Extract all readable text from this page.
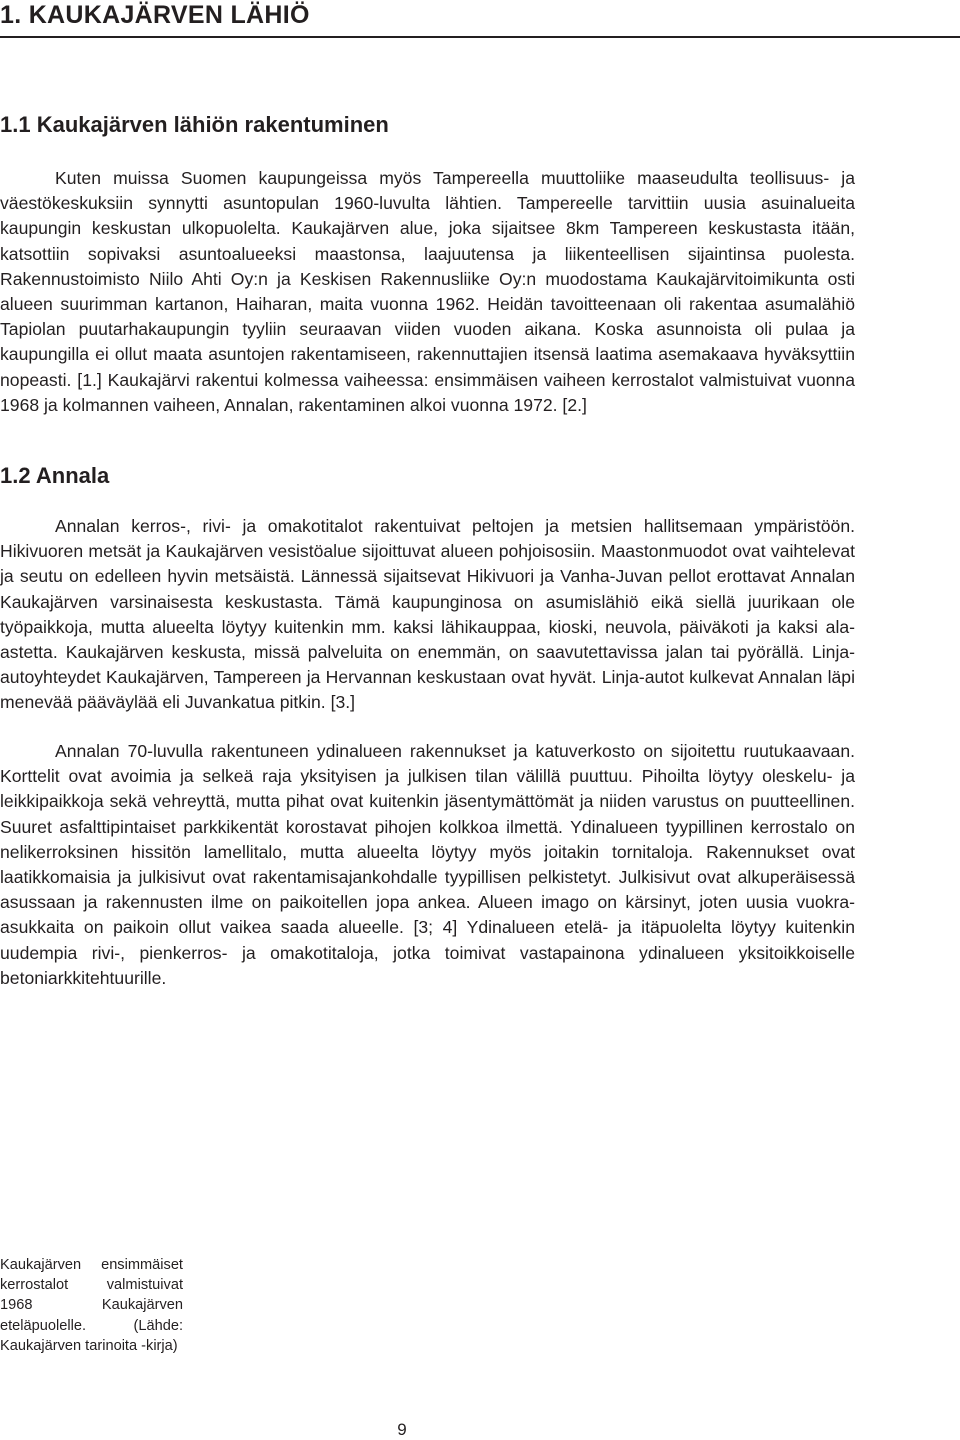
1. KAUKAJÄRVEN LÄHIÖ
1.1 Kaukajärven lähiön rakentuminen

Kuten muissa Suomen kaupungeissa myös Tampereella muuttoliike maaseudulta teollisuus- ja väestökeskuksiin synnytti asuntopulan 1960-luvulta lähtien. Tampereelle tarvittiin uusia asuinalueita kaupungin keskustan ulkopuolelta. Kaukajärven alue, joka sijaitsee 8km Tampereen keskustasta itään, katsottiin sopivaksi asuntoalueeksi maastonsa, laajuutensa ja liikenteellisen sijaintinsa puolesta. Rakennustoimisto Niilo Ahti Oy:n ja Keskisen Rakennusliike Oy:n muodostama Kaukajärvitoimikunta osti alueen suurimman kartanon, Haiharan, maita vuonna 1962. Heidän tavoitteenaan oli rakentaa asumalähiö Tapiolan puutarhakaupungin tyyliin seuraavan viiden vuoden aikana. Koska asunnoista oli pulaa ja kaupungilla ei ollut maata asuntojen rakentamiseen, rakennuttajien itsensä laatima asemakaava hyväksyttiin nopeasti. [1.] Kaukajärvi rakentui kolmessa vaiheessa: ensimmäisen vaiheen kerrostalot valmistuivat vuonna 1968 ja kolmannen vaiheen, Annalan, rakentaminen alkoi vuonna 1972. [2.]

1.2 Annala

Annalan kerros-, rivi- ja omakotitalot rakentuivat peltojen ja metsien hallitsemaan ympäristöön. Hikivuoren metsät ja Kaukajärven vesistöalue sijoittuvat alueen pohjoisosiin. Maastonmuodot ovat vaihtelevat ja seutu on edelleen hyvin metsäistä. Lännessä sijaitsevat Hikivuori ja Vanha-Juvan pellot erottavat Annalan Kaukajärven varsinaisesta keskustasta. Tämä kaupunginosa on asumislähiö eikä siellä juurikaan ole työpaikkoja, mutta alueelta löytyy kuitenkin mm. kaksi lähikauppaa, kioski, neuvola, päiväkoti ja kaksi ala-astetta. Kaukajärven keskusta, missä palveluita on enemmän, on saavutettavissa jalan tai pyörällä. Linja-autoyhteydet Kaukajärven, Tampereen ja Hervannan keskustaan ovat hyvät. Linja-autot kulkevat Annalan läpi menevää pääväylää eli Juvankatua pitkin. [3.]

Annalan 70-luvulla rakentuneen ydinalueen rakennukset ja katuverkosto on sijoitettu ruutukaavaan. Korttelit ovat avoimia ja selkeä raja yksityisen ja julkisen tilan välillä puuttuu. Pihoilta löytyy oleskelu- ja leikkipaikkoja sekä vehreyttä, mutta pihat ovat kuitenkin jäsentymättömät ja niiden varustus on puutteellinen. Suuret asfalttipintaiset parkkikentät korostavat pihojen kolkkoa ilmettä. Ydinalueen tyypillinen kerrostalo on nelikerroksinen hissitön lamellitalo, mutta alueelta löytyy myös joitakin tornitaloja. Rakennukset ovat laatikkomaisia ja julkisivut ovat rakentamisajankohdalle tyypillisen pelkistetyt. Julkisivut ovat alkuperäisessä asussaan ja rakennusten ilme on paikoitellen jopa ankea. Alueen imago on kärsinyt, joten uusia vuokraasukkaita on paikoin ollut vaikea saada alueelle. [3; 4] Ydinalueen etelä- ja itäpuolelta löytyy kuitenkin uudempia rivi-, pienkerros- ja omakotitaloja, jotka toimivat vastapainona ydinalueen yksitoikkoiselle betoniarkkitehtuurille.

Kaukajärven ensimmäiset kerrostalot valmistuivat 1968 Kaukajärven eteläpuolelle. (Lähde: Kaukajärven tarinoita -kirja)

9
